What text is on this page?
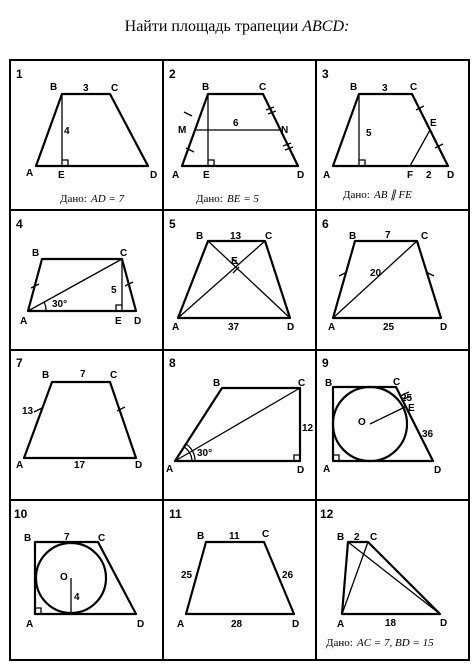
Найти площадь трапеции ABCD:
1
B	C
A E	D
3
4
Дано: AD = 7
2
B	C
M	N
A E	D
6
Дано: BE = 5
3
B	C
E
A	F	D
3
5
2
Дано: AB ∥ FE
4
B	C
A	E D
30°
5
5
B	C
E
A	D
13
37
6
B	C
A	D
7
20
25
7
B	C
A	D
7
13
17
8
B	C
A	D
30°
12
9
B	C
O
E
A	D
25
36
10
B	C
O
A	D
7
4
11
B	C
A	D
11
25	26
28
12
B	C
A	D
2
18
Дано: AC = 7, BD = 15
